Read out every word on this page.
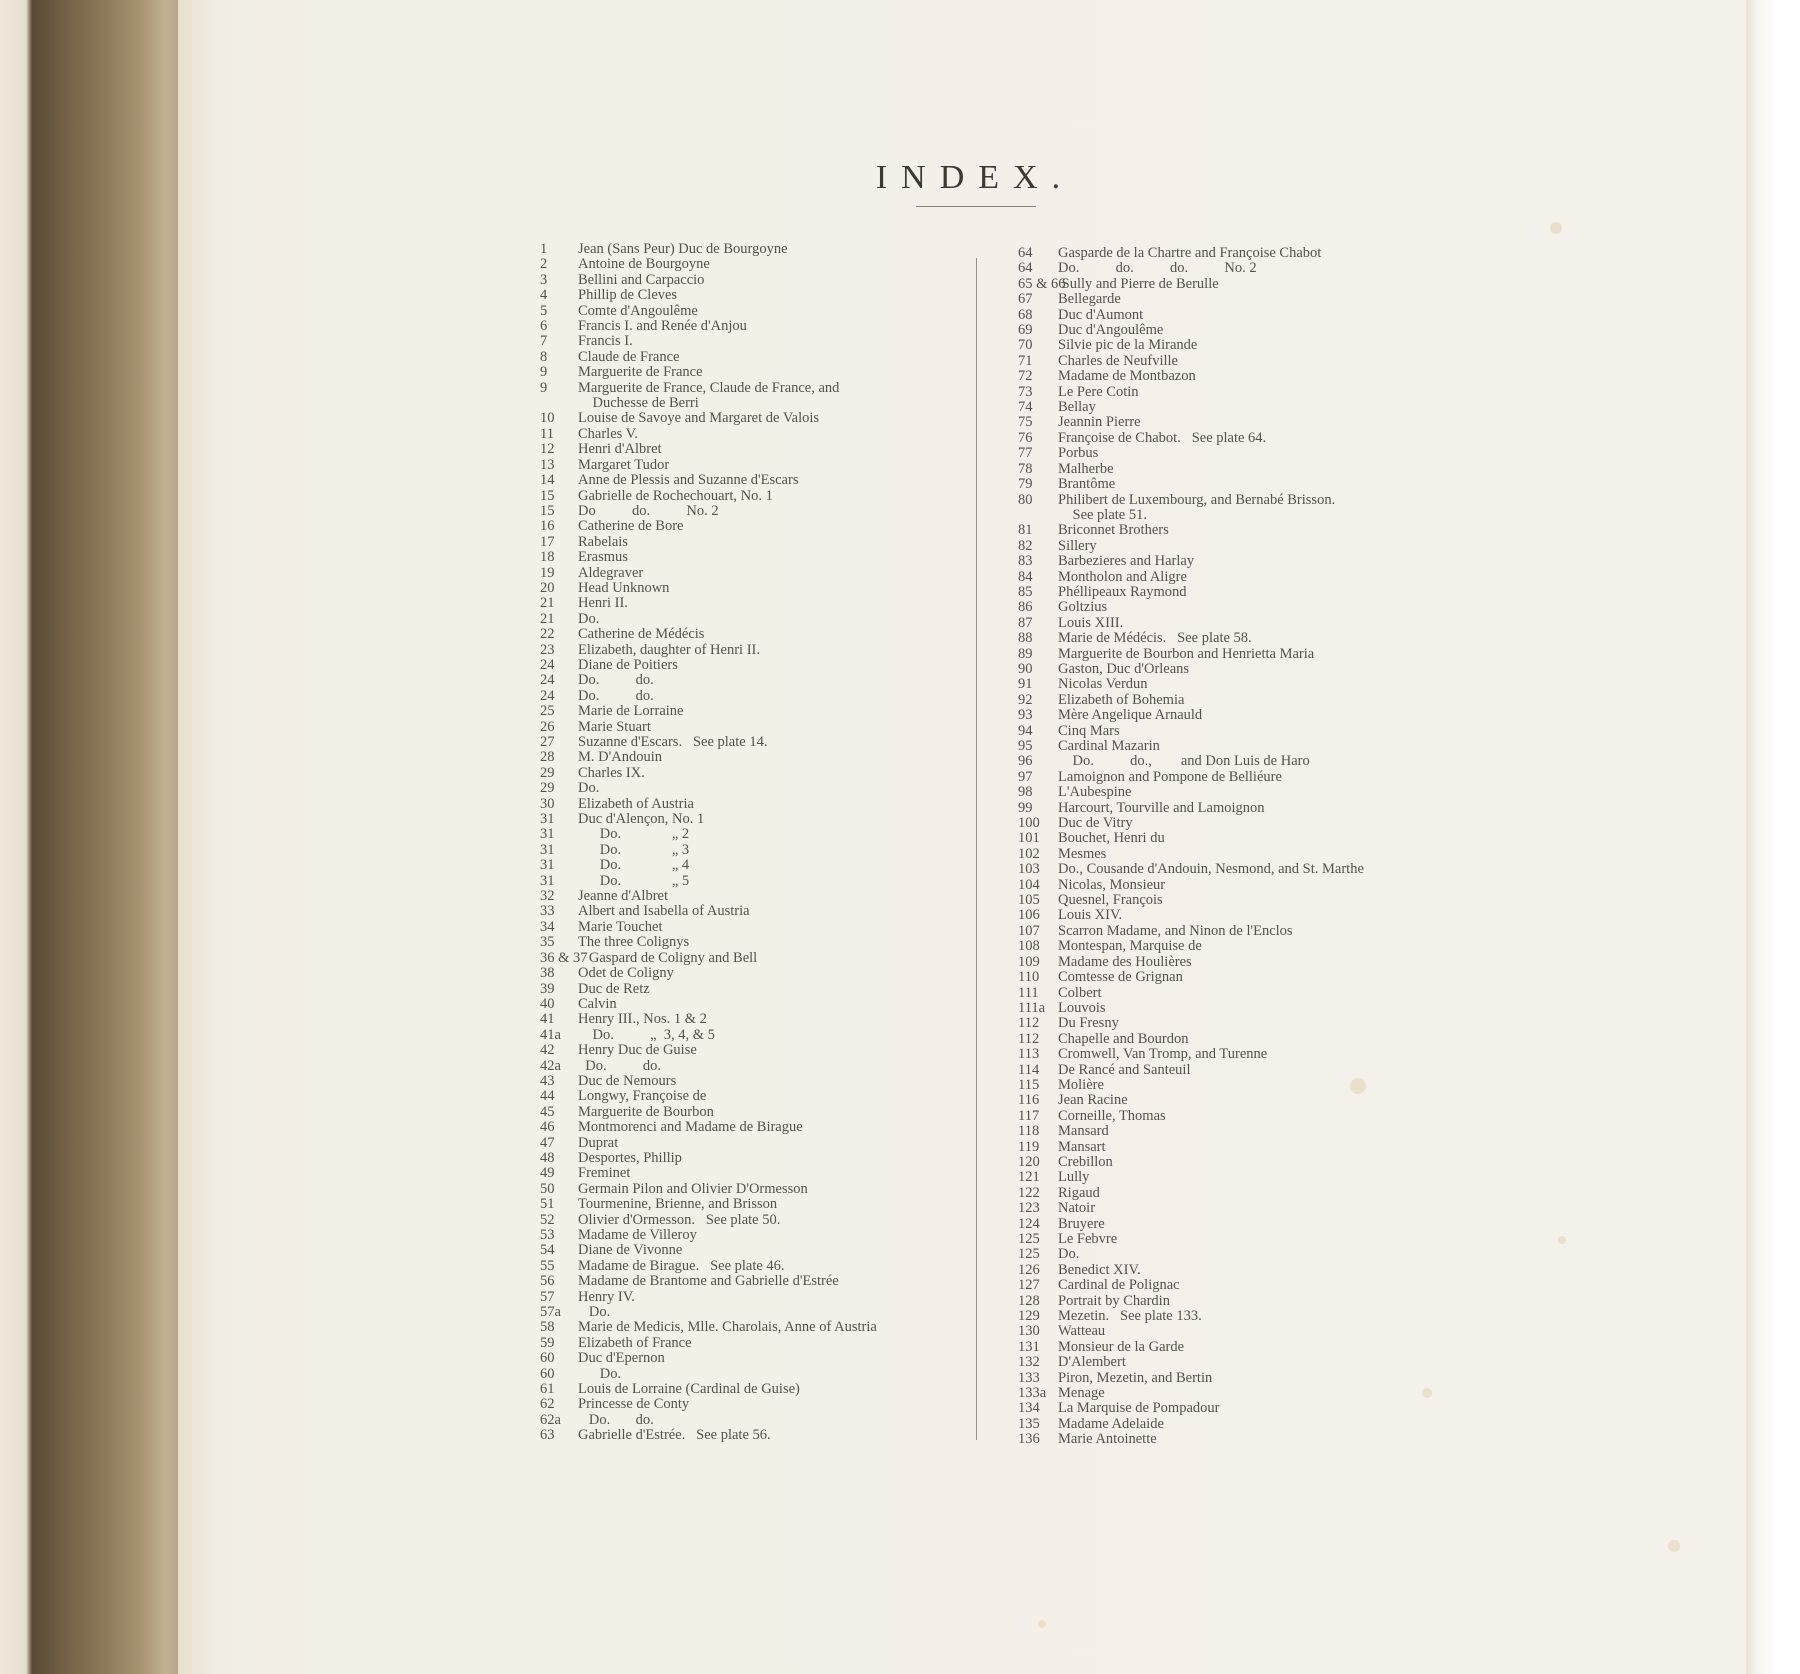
INDEX.
1 Jean (Sans Peur) Duc de Bourgoyne
2 Antoine de Bourgoyne
3 Bellini and Carpaccio
4 Phillip de Cleves
5 Comte d'Angoulême
6 Francis I. and Renée d'Anjou
7 Francis I.
8 Claude de France
9 Marguerite de France
9 Marguerite de France, Claude de France, and
Duchesse de Berri
10 Louise de Savoye and Margaret de Valois
11 Charles V.
12 Henri d'Albret
13 Margaret Tudor
14 Anne de Plessis and Suzanne d'Escars
15 Gabrielle de Rochechouart, No. 1
15 Do          do.          No. 2
16 Catherine de Bore
17 Rabelais
18 Erasmus
19 Aldegraver
20 Head Unknown
21 Henri II.
21 Do.
22 Catherine de Médécis
23 Elizabeth, daughter of Henri II.
24 Diane de Poitiers
24 Do.          do.
24 Do.          do.
25 Marie de Lorraine
26 Marie Stuart
27 Suzanne d'Escars.   See plate 14.
28 M. D'Andouin
29 Charles IX.
29 Do.
30 Elizabeth of Austria
31 Duc d'Alençon, No. 1
31      Do.              „ 2
31      Do.              „ 3
31      Do.              „ 4
31      Do.              „ 5
32 Jeanne d'Albret
33 Albert and Isabella of Austria
34 Marie Touchet
35 The three Colignys
36 & 37   Gaspard de Coligny and Bell
38 Odet de Coligny
39 Duc de Retz
40 Calvin
41 Henry III., Nos. 1 & 2
41a    Do.          „  3, 4, & 5
42 Henry Duc de Guise
42a  Do.          do.
43 Duc de Nemours
44 Longwy, Françoise de
45 Marguerite de Bourbon
46 Montmorenci and Madame de Birague
47 Duprat
48 Desportes, Phillip
49 Freminet
50 Germain Pilon and Olivier D'Ormesson
51 Tourmenine, Brienne, and Brisson
52 Olivier d'Ormesson.   See plate 50.
53 Madame de Villeroy
54 Diane de Vivonne
55 Madame de Birague.   See plate 46.
56 Madame de Brantome and Gabrielle d'Estrée
57 Henry IV.
57a   Do.
58 Marie de Medicis, Mlle. Charolais, Anne of Austria
59 Elizabeth of France
60 Duc d'Epernon
60      Do.
61 Louis de Lorraine (Cardinal de Guise)
62 Princesse de Conty
62a   Do.       do.
63 Gabrielle d'Estrée.   See plate 56.
64 Gasparde de la Chartre and Françoise Chabot
64 Do.          do.          do.          No. 2
65 & 66 Sully and Pierre de Berulle
67 Bellegarde
68 Duc d'Aumont
69 Duc d'Angoulême
70 Silvie pic de la Mirande
71 Charles de Neufville
72 Madame de Montbazon
73 Le Pere Cotin
74 Bellay
75 Jeannin Pierre
76 Françoise de Chabot.   See plate 64.
77 Porbus
78 Malherbe
79 Brantôme
80 Philibert de Luxembourg, and Bernabé Brisson.
See plate 51.
81 Briconnet Brothers
82 Sillery
83 Barbezieres and Harlay
84 Montholon and Aligre
85 Phéllipeaux Raymond
86 Goltzius
87 Louis XIII.
88 Marie de Médécis.   See plate 58.
89 Marguerite de Bourbon and Henrietta Maria
90 Gaston, Duc d'Orleans
91 Nicolas Verdun
92 Elizabeth of Bohemia
93 Mère Angelique Arnauld
94 Cinq Mars
95 Cardinal Mazarin
96    Do.          do.,        and Don Luis de Haro
97 Lamoignon and Pompone de Belliéure
98 L'Aubespine
99 Harcourt, Tourville and Lamoignon
100 Duc de Vitry
101 Bouchet, Henri du
102 Mesmes
103 Do., Cousande d'Andouin, Nesmond, and St. Marthe
104 Nicolas, Monsieur
105 Quesnel, François
106 Louis XIV.
107 Scarron Madame, and Ninon de l'Enclos
108 Montespan, Marquise de
109 Madame des Houlières
110 Comtesse de Grignan
111 Colbert
111a Louvois
112 Du Fresny
112 Chapelle and Bourdon
113 Cromwell, Van Tromp, and Turenne
114 De Rancé and Santeuil
115 Molière
116 Jean Racine
117 Corneille, Thomas
118 Mansard
119 Mansart
120 Crebillon
121 Lully
122 Rigaud
123 Natoir
124 Bruyere
125 Le Febvre
125 Do.
126 Benedict XIV.
127 Cardinal de Polignac
128 Portrait by Chardin
129 Mezetin.   See plate 133.
130 Watteau
131 Monsieur de la Garde
132 D'Alembert
133 Piron, Mezetin, and Bertin
133a Menage
134 La Marquise de Pompadour
135 Madame Adelaide
136 Marie Antoinette
